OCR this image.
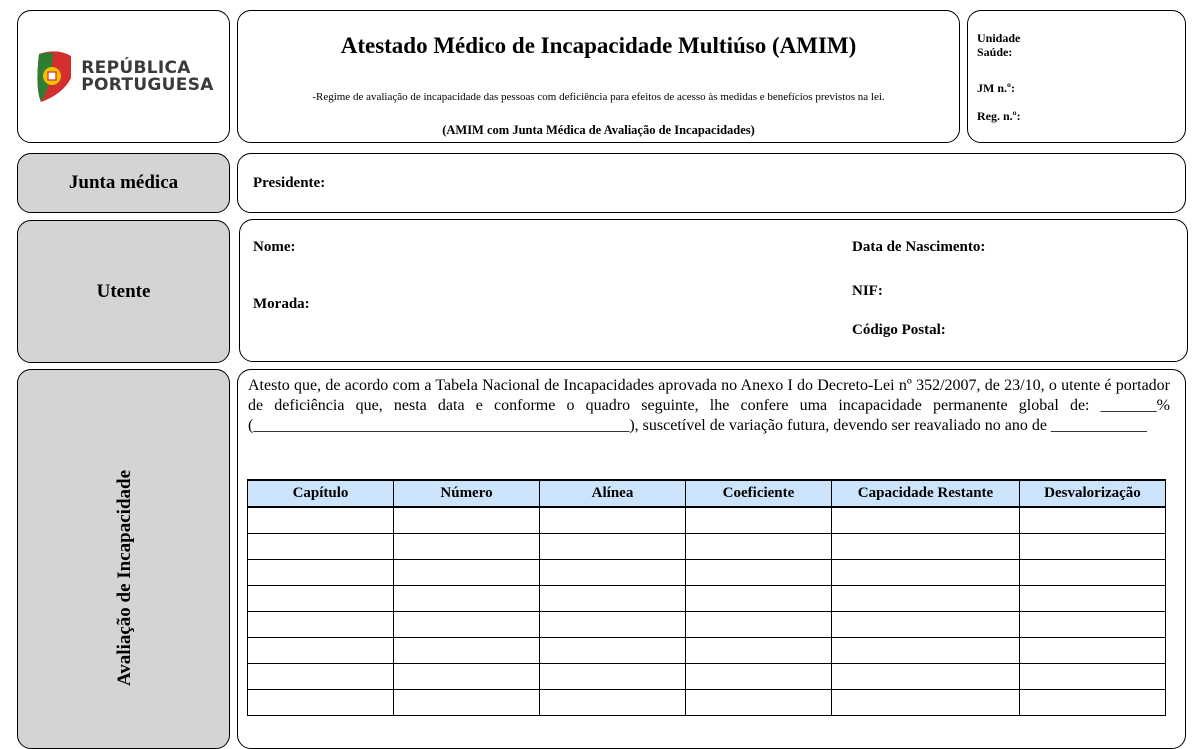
REPÚBLICA
PORTUGUESA
Atestado Médico de Incapacidade Multiúso (AMIM)
-Regime de avaliação de incapacidade das pessoas com deficiência para efeitos de acesso às medidas e benefícios previstos na lei.
(AMIM com Junta Médica de Avaliação de Incapacidades)
Unidade
Saúde:
JM n.º:
Reg. n.º:
Junta médica	Presidente:
Utente
Nome:
Morada:
Data de Nascimento:
NIF:
Código Postal:
Avaliação de Incapacidade
Atesto que, de acordo com a Tabela Nacional de Incapacidades aprovada no Anexo I do Decreto-Lei nº 352/2007, de 23/10, o utente é portador de deficiência que, nesta data e conforme o quadro seguinte, lhe confere uma incapacidade permanente global de: _______% (_______________________________________________), suscetível de variação futura, devendo ser reavaliado no ano de ____________
Capítulo	Número	Alínea	Coeficiente	Capacidade Restante	Desvalorização
